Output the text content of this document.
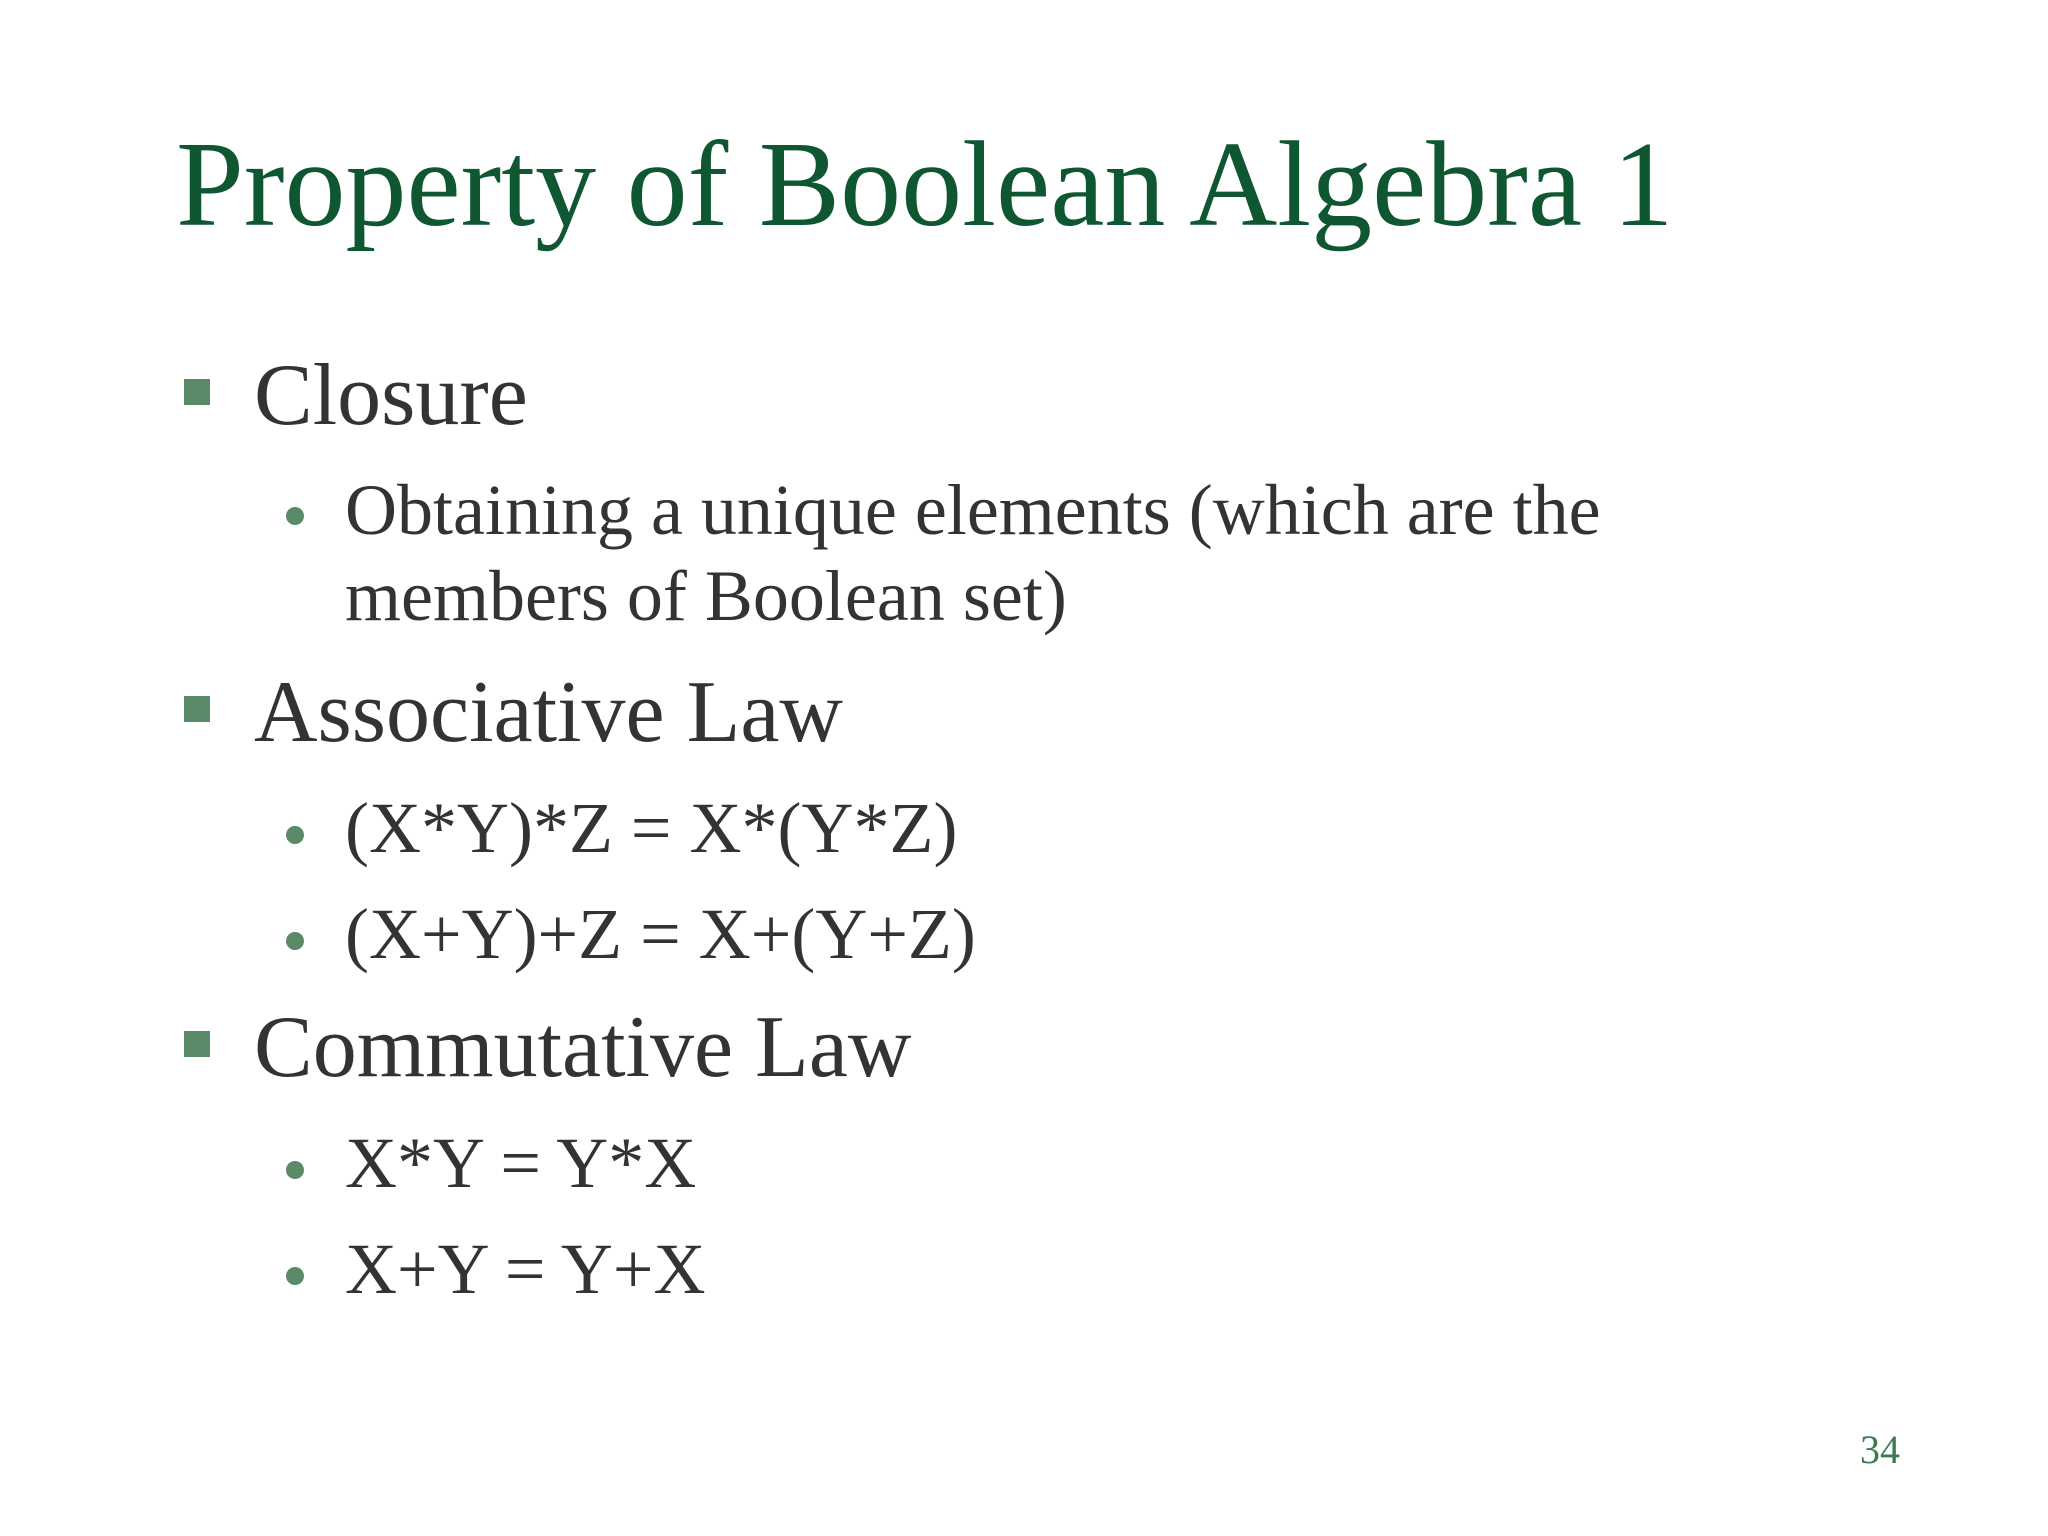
Property of Boolean Algebra 1
Closure
Obtaining a unique elements (which are the members of Boolean set)
Associative Law
(X*Y)*Z = X*(Y*Z)
(X+Y)+Z = X+(Y+Z)
Commutative Law
X*Y = Y*X
X+Y = Y+X
34
